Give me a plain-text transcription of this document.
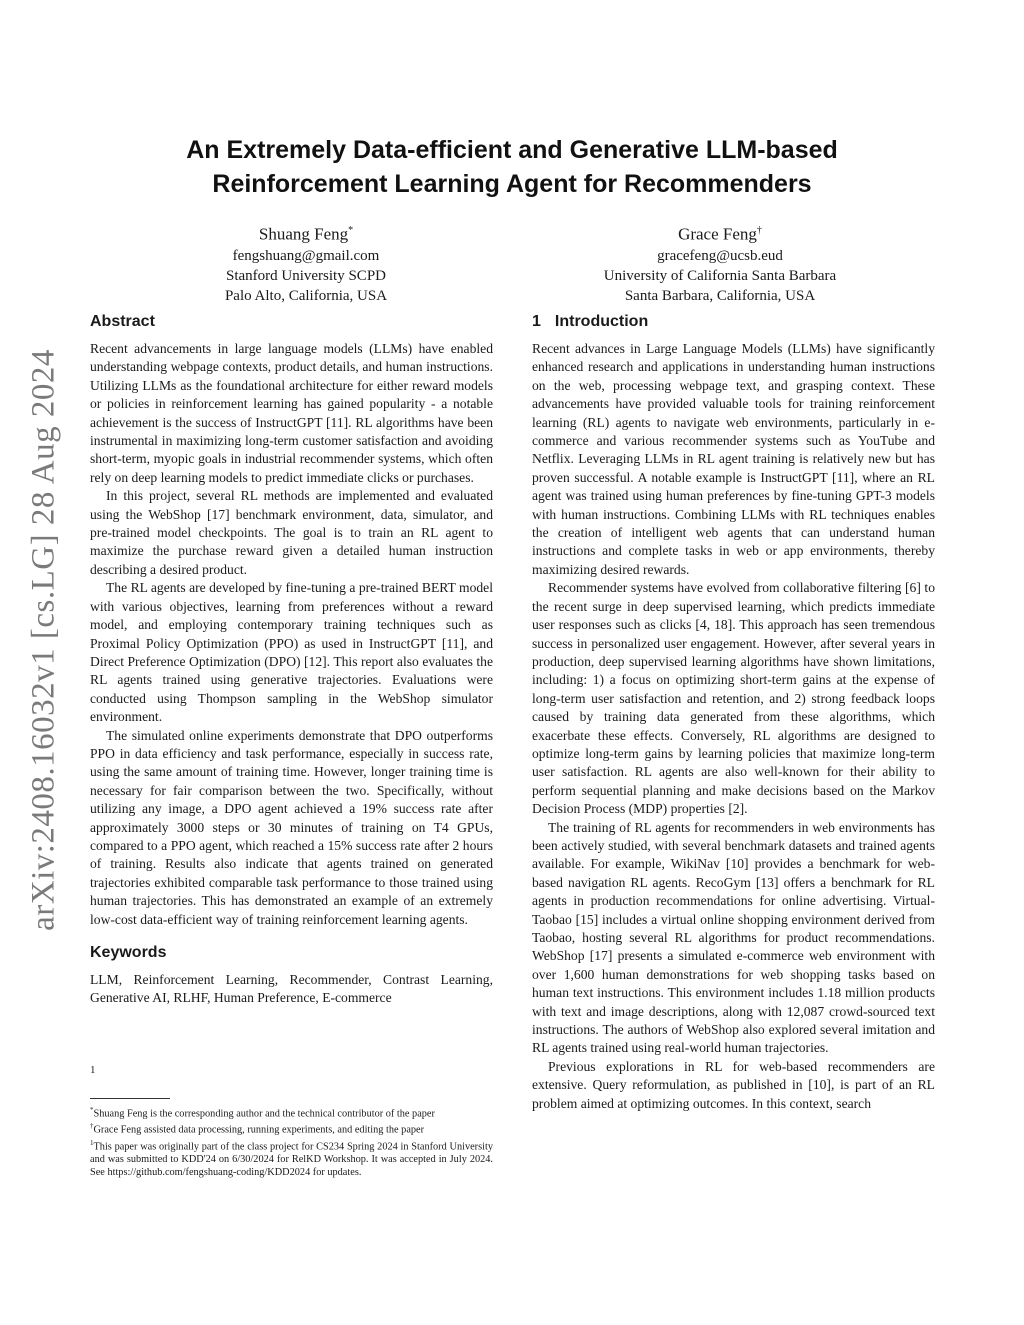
arXiv:2408.16032v1 [cs.LG] 28 Aug 2024
An Extremely Data-efficient and Generative LLM-based
Reinforcement Learning Agent for Recommenders
Shuang Feng*
fengshuang@gmail.com
Stanford University SCPD
Palo Alto, California, USA
Grace Feng†
gracefeng@ucsb.eud
University of California Santa Barbara
Santa Barbara, California, USA
Abstract

Recent advancements in large language models (LLMs) have enabled understanding webpage contexts, product details, and human instructions. Utilizing LLMs as the foundational architecture for either reward models or policies in reinforcement learning has gained popularity - a notable achievement is the success of InstructGPT [11]. RL algorithms have been instrumental in maximizing long-term customer satisfaction and avoiding short-term, myopic goals in industrial recommender systems, which often rely on deep learning models to predict immediate clicks or purchases.

In this project, several RL methods are implemented and evaluated using the WebShop [17] benchmark environment, data, simulator, and pre-trained model checkpoints. The goal is to train an RL agent to maximize the purchase reward given a detailed human instruction describing a desired product.

The RL agents are developed by fine-tuning a pre-trained BERT model with various objectives, learning from preferences without a reward model, and employing contemporary training techniques such as Proximal Policy Optimization (PPO) as used in InstructGPT [11], and Direct Preference Optimization (DPO) [12]. This report also evaluates the RL agents trained using generative trajectories. Evaluations were conducted using Thompson sampling in the WebShop simulator environment.

The simulated online experiments demonstrate that DPO outperforms PPO in data efficiency and task performance, especially in success rate, using the same amount of training time. However, longer training time is necessary for fair comparison between the two. Specifically, without utilizing any image, a DPO agent achieved a 19% success rate after approximately 3000 steps or 30 minutes of training on T4 GPUs, compared to a PPO agent, which reached a 15% success rate after 2 hours of training. Results also indicate that agents trained on generated trajectories exhibited comparable task performance to those trained using human trajectories. This has demonstrated an example of an extremely low-cost data-efficient way of training reinforcement learning agents.

Keywords

LLM, Reinforcement Learning, Recommender, Contrast Learning, Generative AI, RLHF, Human Preference, E-commerce

1
*Shuang Feng is the corresponding author and the technical contributor of the paper
†Grace Feng assisted data processing, running experiments, and editing the paper
$^1$This paper was originally part of the class project for CS234 Spring 2024 in Stanford University and was submitted to KDD'24 on 6/30/2024 for RelKD Workshop. It was accepted in July 2024. See https://github.com/fengshuang-coding/KDD2024 for updates.
1 Introduction

Recent advances in Large Language Models (LLMs) have significantly enhanced research and applications in understanding human instructions on the web, processing webpage text, and grasping context. These advancements have provided valuable tools for training reinforcement learning (RL) agents to navigate web environments, particularly in e-commerce and various recommender systems such as YouTube and Netflix. Leveraging LLMs in RL agent training is relatively new but has proven successful. A notable example is InstructGPT [11], where an RL agent was trained using human preferences by fine-tuning GPT-3 models with human instructions. Combining LLMs with RL techniques enables the creation of intelligent web agents that can understand human instructions and complete tasks in web or app environments, thereby maximizing desired rewards.

Recommender systems have evolved from collaborative filtering [6] to the recent surge in deep supervised learning, which predicts immediate user responses such as clicks [4, 18]. This approach has seen tremendous success in personalized user engagement. However, after several years in production, deep supervised learning algorithms have shown limitations, including: 1) a focus on optimizing short-term gains at the expense of long-term user satisfaction and retention, and 2) strong feedback loops caused by training data generated from these algorithms, which exacerbate these effects. Conversely, RL algorithms are designed to optimize long-term gains by learning policies that maximize long-term user satisfaction. RL agents are also well-known for their ability to perform sequential planning and make decisions based on the Markov Decision Process (MDP) properties [2].

The training of RL agents for recommenders in web environments has been actively studied, with several benchmark datasets and trained agents available. For example, WikiNav [10] provides a benchmark for web-based navigation RL agents. RecoGym [13] offers a benchmark for RL agents in production recommendations for online advertising. Virtual-Taobao [15] includes a virtual online shopping environment derived from Taobao, hosting several RL algorithms for product recommendations. WebShop [17] presents a simulated e-commerce web environment with over 1,600 human demonstrations for web shopping tasks based on human text instructions. This environment includes 1.18 million products with text and image descriptions, along with 12,087 crowd-sourced text instructions. The authors of WebShop also explored several imitation and RL agents trained using real-world human trajectories.

Previous explorations in RL for web-based recommenders are extensive. Query reformulation, as published in [10], is part of an RL problem aimed at optimizing outcomes. In this context, search
